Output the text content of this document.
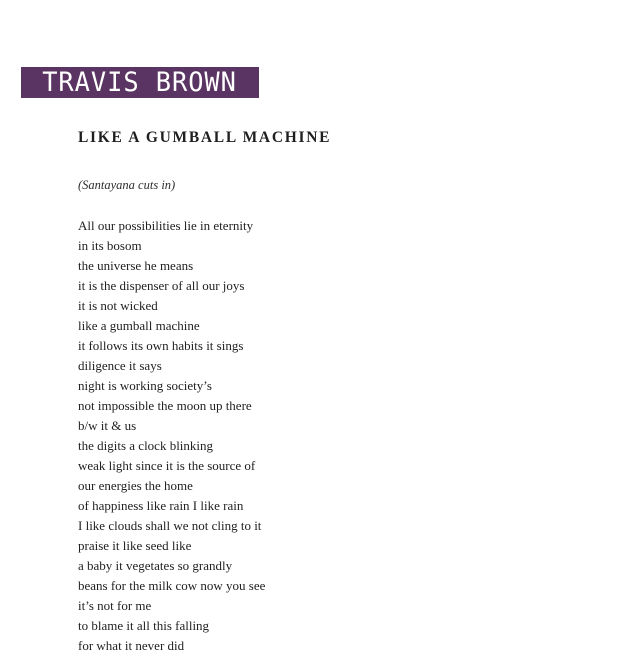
TRAVIS BROWN
LIKE A GUMBALL MACHINE

(Santayana cuts in)

All our possibilities lie in eternity
in its bosom
the universe he means
it is the dispenser of all our joys
it is not wicked
like a gumball machine
it follows its own habits it sings
diligence it says
night is working society’s
not impossible the moon up there
b/w it & us
the digits a clock blinking
weak light since it is the source of
our energies the home
of happiness like rain I like rain
I like clouds shall we not cling to it
praise it like seed like
a baby it vegetates so grandly
beans for the milk cow now you see
it’s not for me
to blame it all this falling
for what it never did
